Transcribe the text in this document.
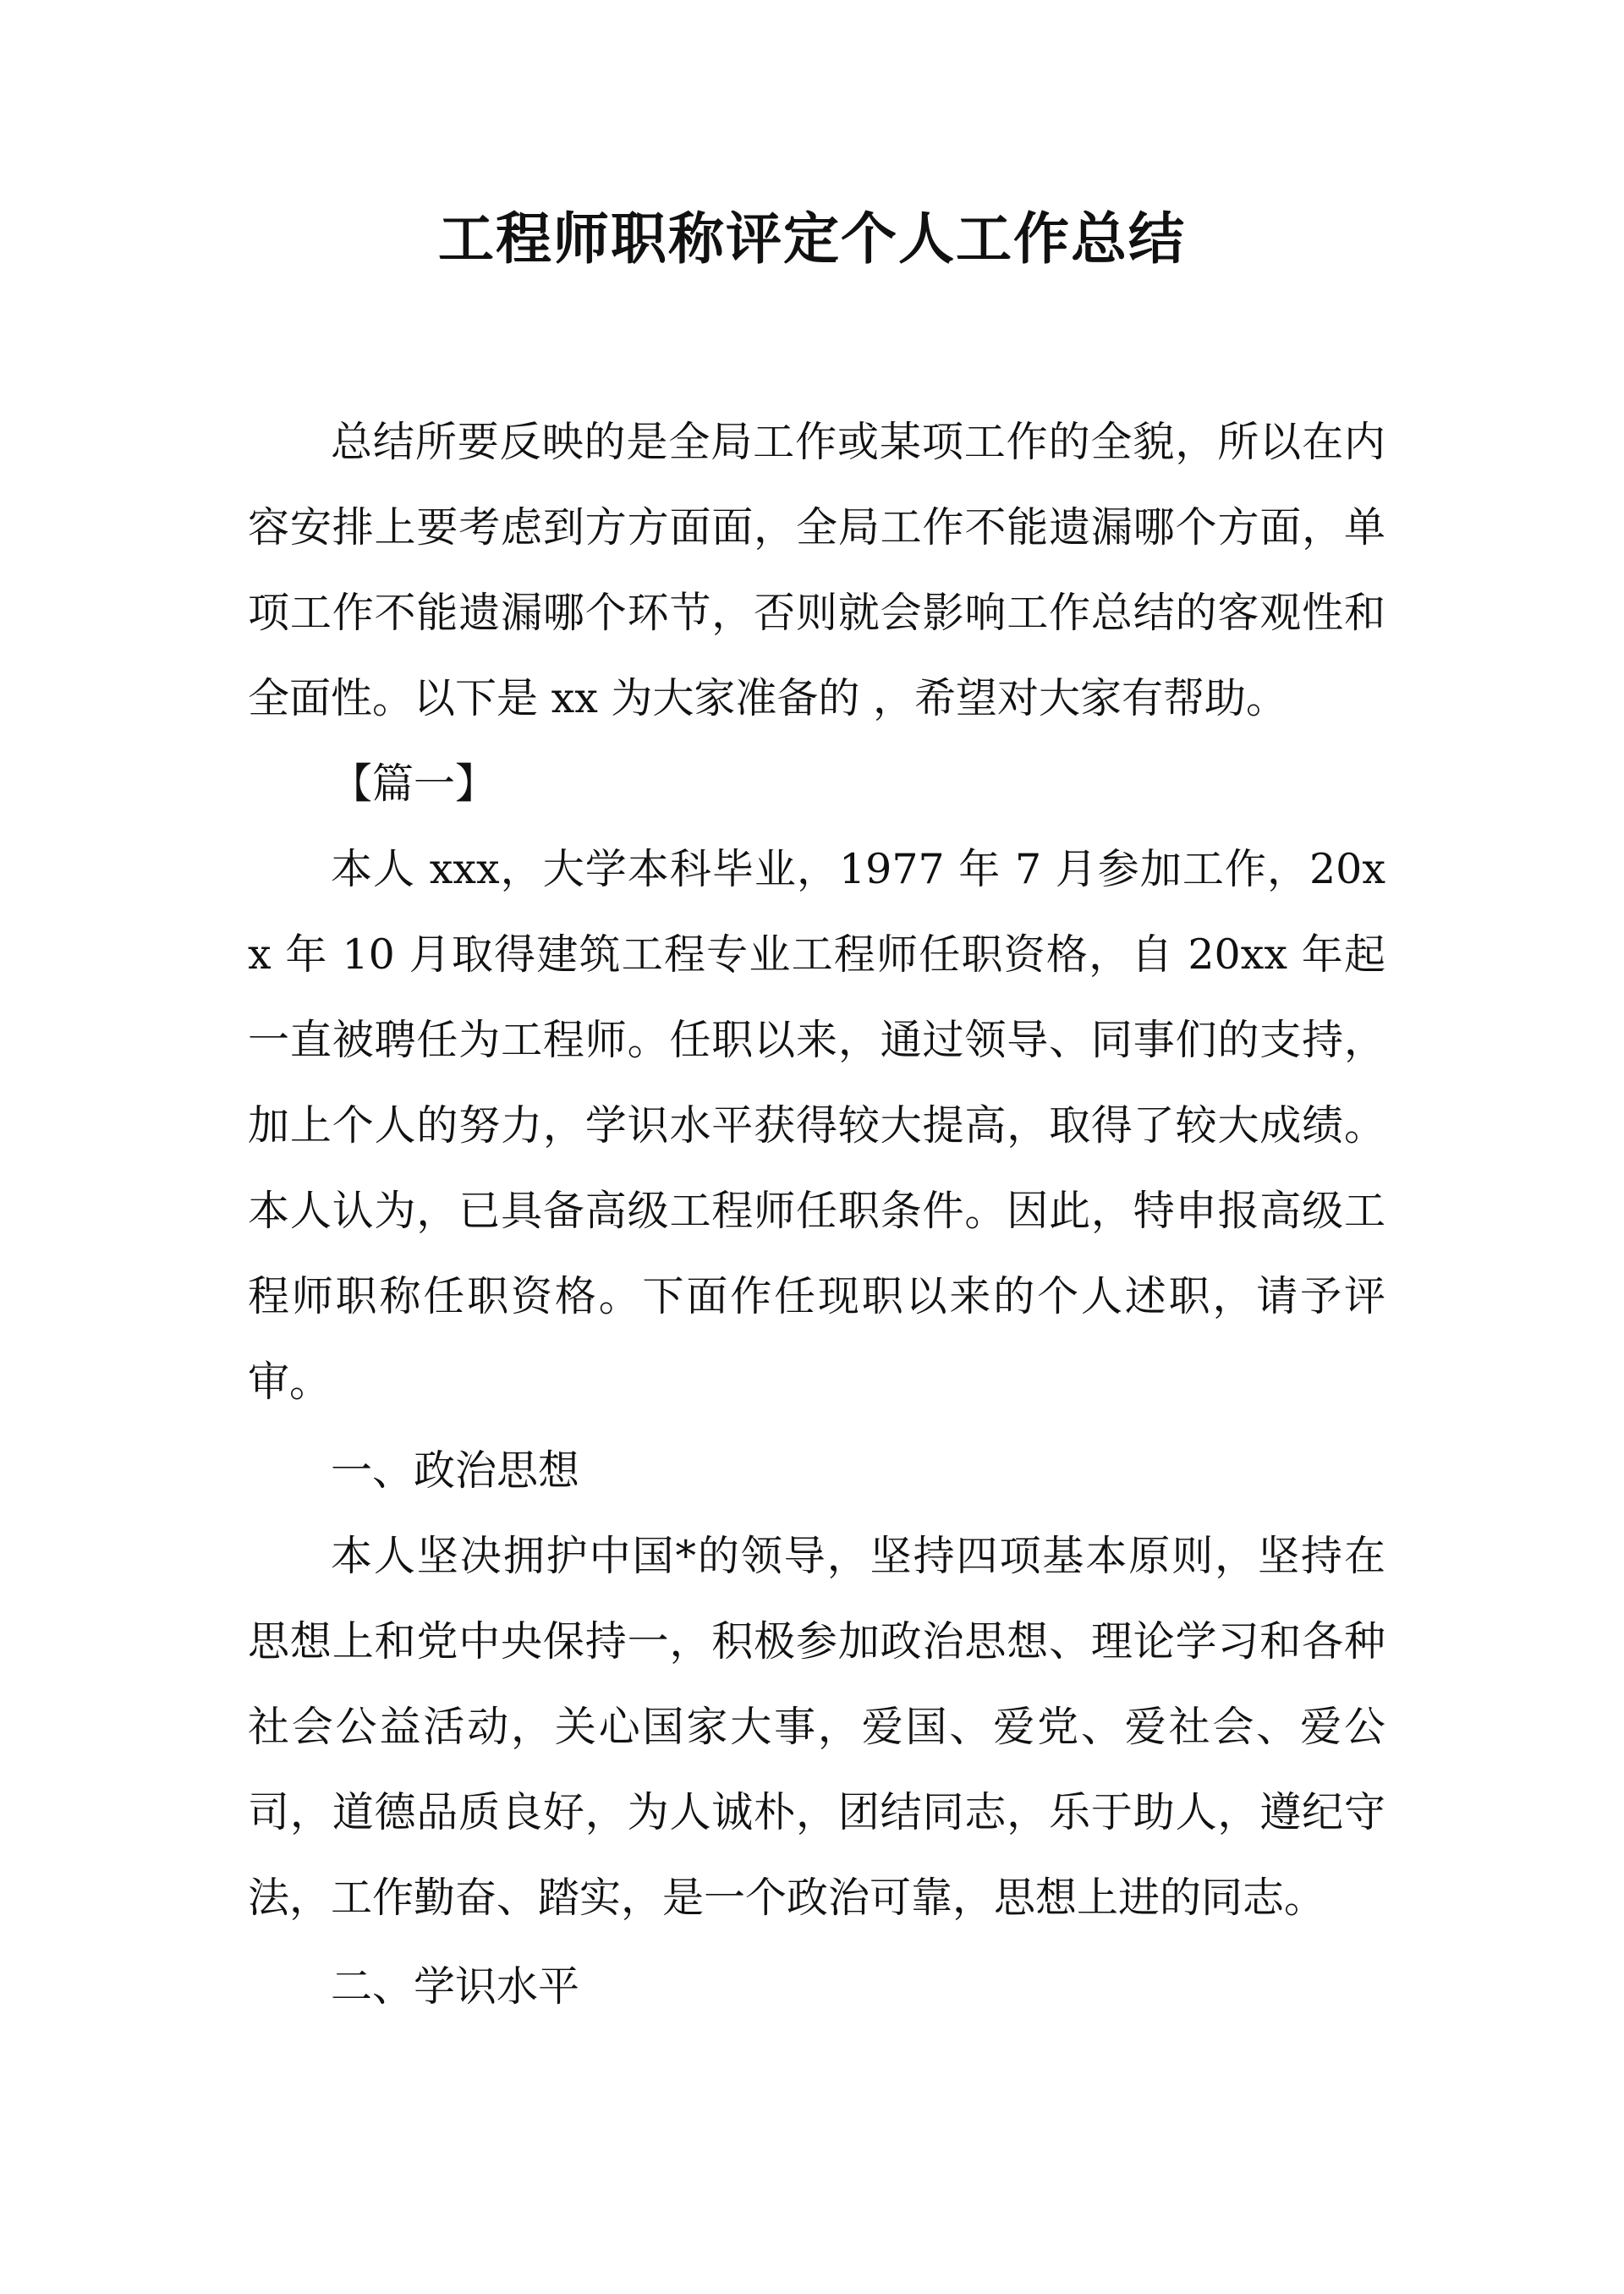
工程师职称评定个人工作总结

总结所要反映的是全局工作或某项工作的全貌，所以在内容安排上要考虑到方方面面，全局工作不能遗漏哪个方面，单项工作不能遗漏哪个环节，否则就会影响工作总结的客观性和全面性。以下是 xx 为大家准备的 ，希望对大家有帮助。

【篇一】

本人 xxx，大学本科毕业，1977 年 7 月参加工作，20xx 年 10 月取得建筑工程专业工程师任职资格，自 20xx 年起一直被聘任为工程师。任职以来，通过领导、同事们的支持，加上个人的努力，学识水平获得较大提高，取得了较大成绩。本人认为，已具备高级工程师任职条件。因此，特申报高级工程师职称任职资格。下面作任现职以来的个人述职，请予评审。

一、政治思想

本人坚决拥护中国*的领导，坚持四项基本原则，坚持在思想上和党中央保持一，积极参加政治思想、理论学习和各种社会公益活动，关心国家大事，爱国、爱党、爱社会、爱公司，道德品质良好，为人诚朴，团结同志，乐于助人，遵纪守法，工作勤奋、踏实，是一个政治可靠，思想上进的同志。

二、学识水平
